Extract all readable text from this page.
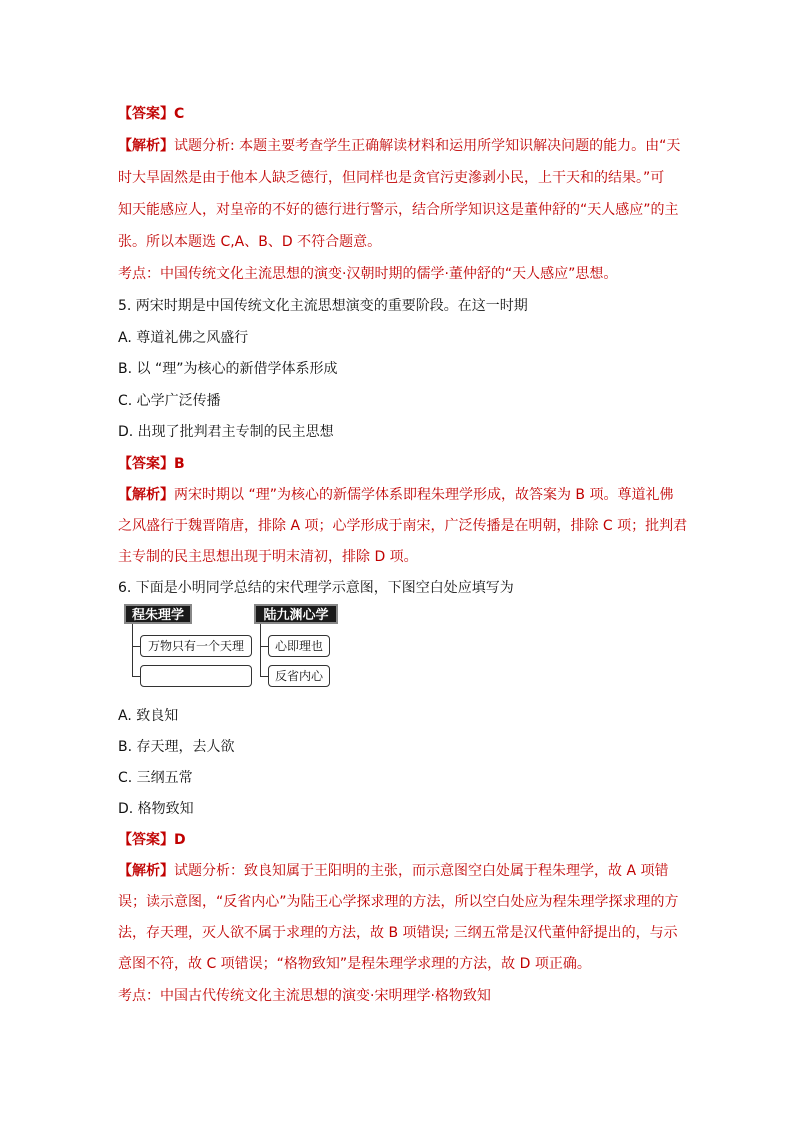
【答案】C
【解析】试题分析: 本题主要考查学生正确解读材料和运用所学知识解决问题的能力。由“天
时大旱固然是由于他本人缺乏德行，但同样也是贪官污吏滲剥小民，上干天和的结果。”可
知天能感应人，对皇帝的不好的德行进行警示，结合所学知识这是董仲舒的“天人感应”的主
张。所以本题选 C,A、B、D 不符合题意。
考点：中国传统文化主流思想的演变·汉朝时期的儒学·董仲舒的“天人感应”思想。
5. 两宋时期是中国传统文化主流思想演变的重要阶段。在这一时期
A. 尊道礼佛之风盛行
B. 以 “理”为核心的新借学体系形成
C. 心学广泛传播
D. 出现了批判君主专制的民主思想
【答案】B
【解析】两宋时期以 “理”为核心的新儒学体系即程朱理学形成，故答案为 B 项。尊道礼佛
之风盛行于魏晋隋唐，排除 A 项；心学形成于南宋，广泛传播是在明朝，排除 C 项；批判君
主专制的民主思想出现于明末清初，排除 D 项。
6. 下面是小明同学总结的宋代理学示意图，下图空白处应填写为
程朱理学	陆九渊心学
万物只有一个天理	心即理也
反省内心
A. 致良知
B. 存天理，去人欲
C. 三纲五常
D. 格物致知
【答案】D
【解析】试题分析：致良知属于王阳明的主张，而示意图空白处属于程朱理学，故 A 项错
误；读示意图，“反省内心”为陆王心学探求理的方法，所以空白处应为程朱理学探求理的方
法，存天理，灭人欲不属于求理的方法，故 B 项错误; 三纲五常是汉代董仲舒提出的，与示
意图不符，故 C 项错误；“格物致知”是程朱理学求理的方法，故 D 项正确。
考点：中国古代传统文化主流思想的演变·宋明理学·格物致知
